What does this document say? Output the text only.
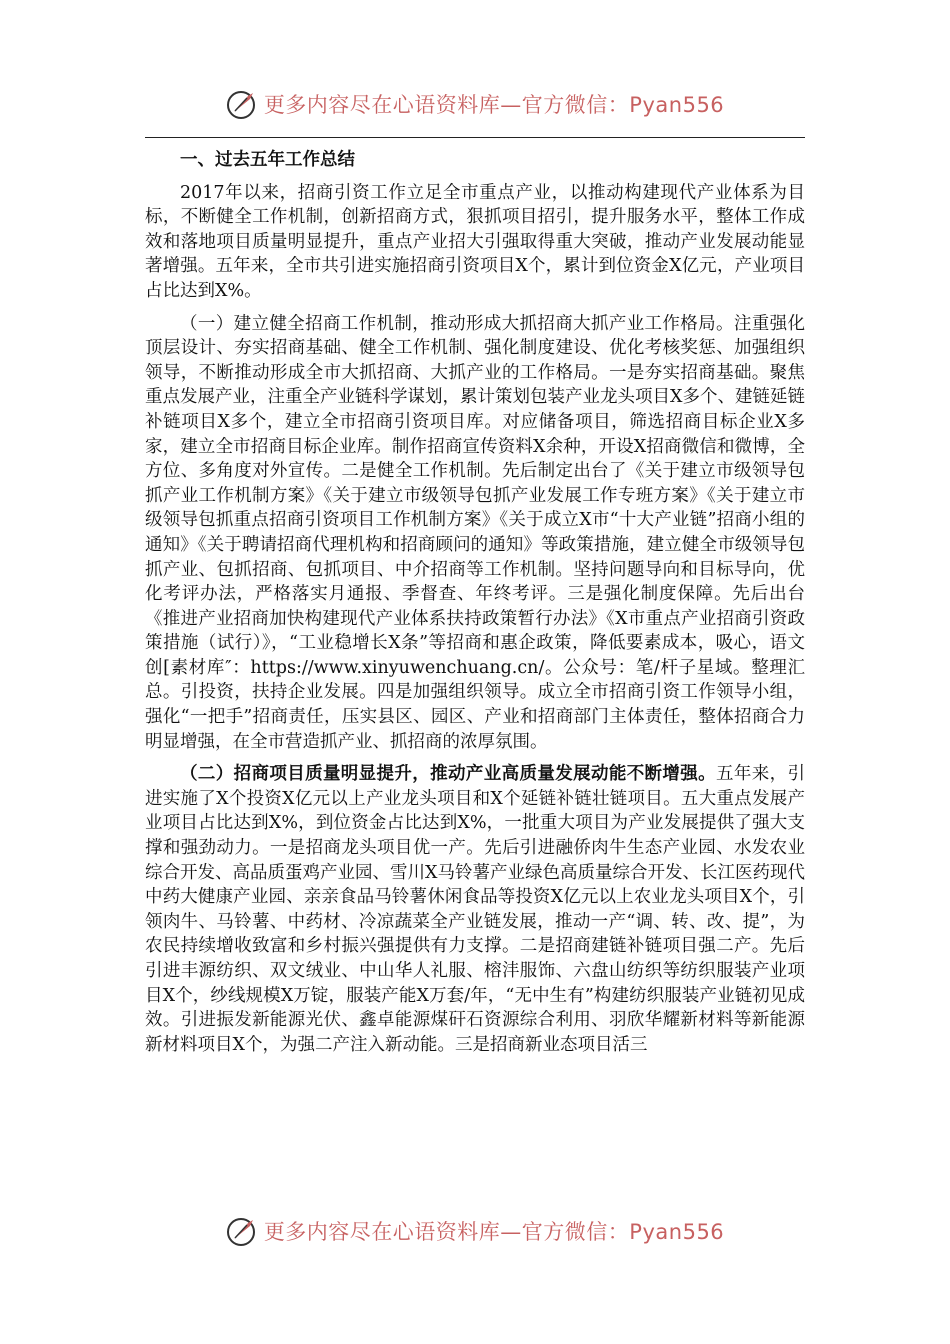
更多内容尽在心语资料库—官方微信：Pyan556

一、过去五年工作总结

2017年以来，招商引资工作立足全市重点产业，以推动构建现代产业体系为目标，不断健全工作机制，创新招商方式，狠抓项目招引，提升服务水平，整体工作成效和落地项目质量明显提升，重点产业招大引强取得重大突破，推动产业发展动能显著增强。五年来，全市共引进实施招商引资项目X个，累计到位资金X亿元，产业项目占比达到X%。

（一）建立健全招商工作机制，推动形成大抓招商大抓产业工作格局。注重强化顶层设计、夯实招商基础、健全工作机制、强化制度建设、优化考核奖惩、加强组织领导，不断推动形成全市大抓招商、大抓产业的工作格局。一是夯实招商基础。聚焦重点发展产业，注重全产业链科学谋划，累计策划包装产业龙头项目X多个、建链延链补链项目X多个，建立全市招商引资项目库。对应储备项目，筛选招商目标企业X多家，建立全市招商目标企业库。制作招商宣传资料X余种，开设X招商微信和微博，全方位、多角度对外宣传。二是健全工作机制。先后制定出台了《关于建立市级领导包抓产业工作机制方案》《关于建立市级领导包抓产业发展工作专班方案》《关于建立市级领导包抓重点招商引资项目工作机制方案》《关于成立X市“十大产业链”招商小组的通知》《关于聘请招商代理机构和招商顾问的通知》等政策措施，建立健全市级领导包抓产业、包抓招商、包抓项目、中介招商等工作机制。坚持问题导向和目标导向，优化考评办法，严格落实月通报、季督查、年终考评。三是强化制度保障。先后出台《推进产业招商加快构建现代产业体系扶持政策暂行办法》《X市重点产业招商引资政策措施（试行）》，“工业稳增长X条”等招商和惠企政策，降低要素成本，吸心，语文创[素材库″：https://www.xinyuwenchuang.cn/。公众号：笔/杆子星域。整理汇总。引投资，扶持企业发展。四是加强组织领导。成立全市招商引资工作领导小组，强化“一把手”招商责任，压实县区、园区、产业和招商部门主体责任，整体招商合力明显增强，在全市营造抓产业、抓招商的浓厚氛围。

（二）招商项目质量明显提升，推动产业高质量发展动能不断增强。五年来，引进实施了X个投资X亿元以上产业龙头项目和X个延链补链壮链项目。五大重点发展产业项目占比达到X%，到位资金占比达到X%，一批重大项目为产业发展提供了强大支撑和强劲动力。一是招商龙头项目优一产。先后引进融侨肉牛生态产业园、水发农业综合开发、高品质蛋鸡产业园、雪川X马铃薯产业绿色高质量综合开发、长江医药现代中药大健康产业园、亲亲食品马铃薯休闲食品等投资X亿元以上农业龙头项目X个，引领肉牛、马铃薯、中药材、冷凉蔬菜全产业链发展，推动一产“调、转、改、提”，为农民持续增收致富和乡村振兴强提供有力支撑。二是招商建链补链项目强二产。先后引进丰源纺织、双文绒业、中山华人礼服、榕沣服饰、六盘山纺织等纺织服装产业项目X个，纱线规模X万锭，服装产能X万套/年，“无中生有”构建纺织服装产业链初见成效。引进振发新能源光伏、鑫卓能源煤矸石资源综合利用、羽欣华耀新材料等新能源新材料项目X个，为强二产注入新动能。三是招商新业态项目活三

更多内容尽在心语资料库—官方微信：Pyan556
